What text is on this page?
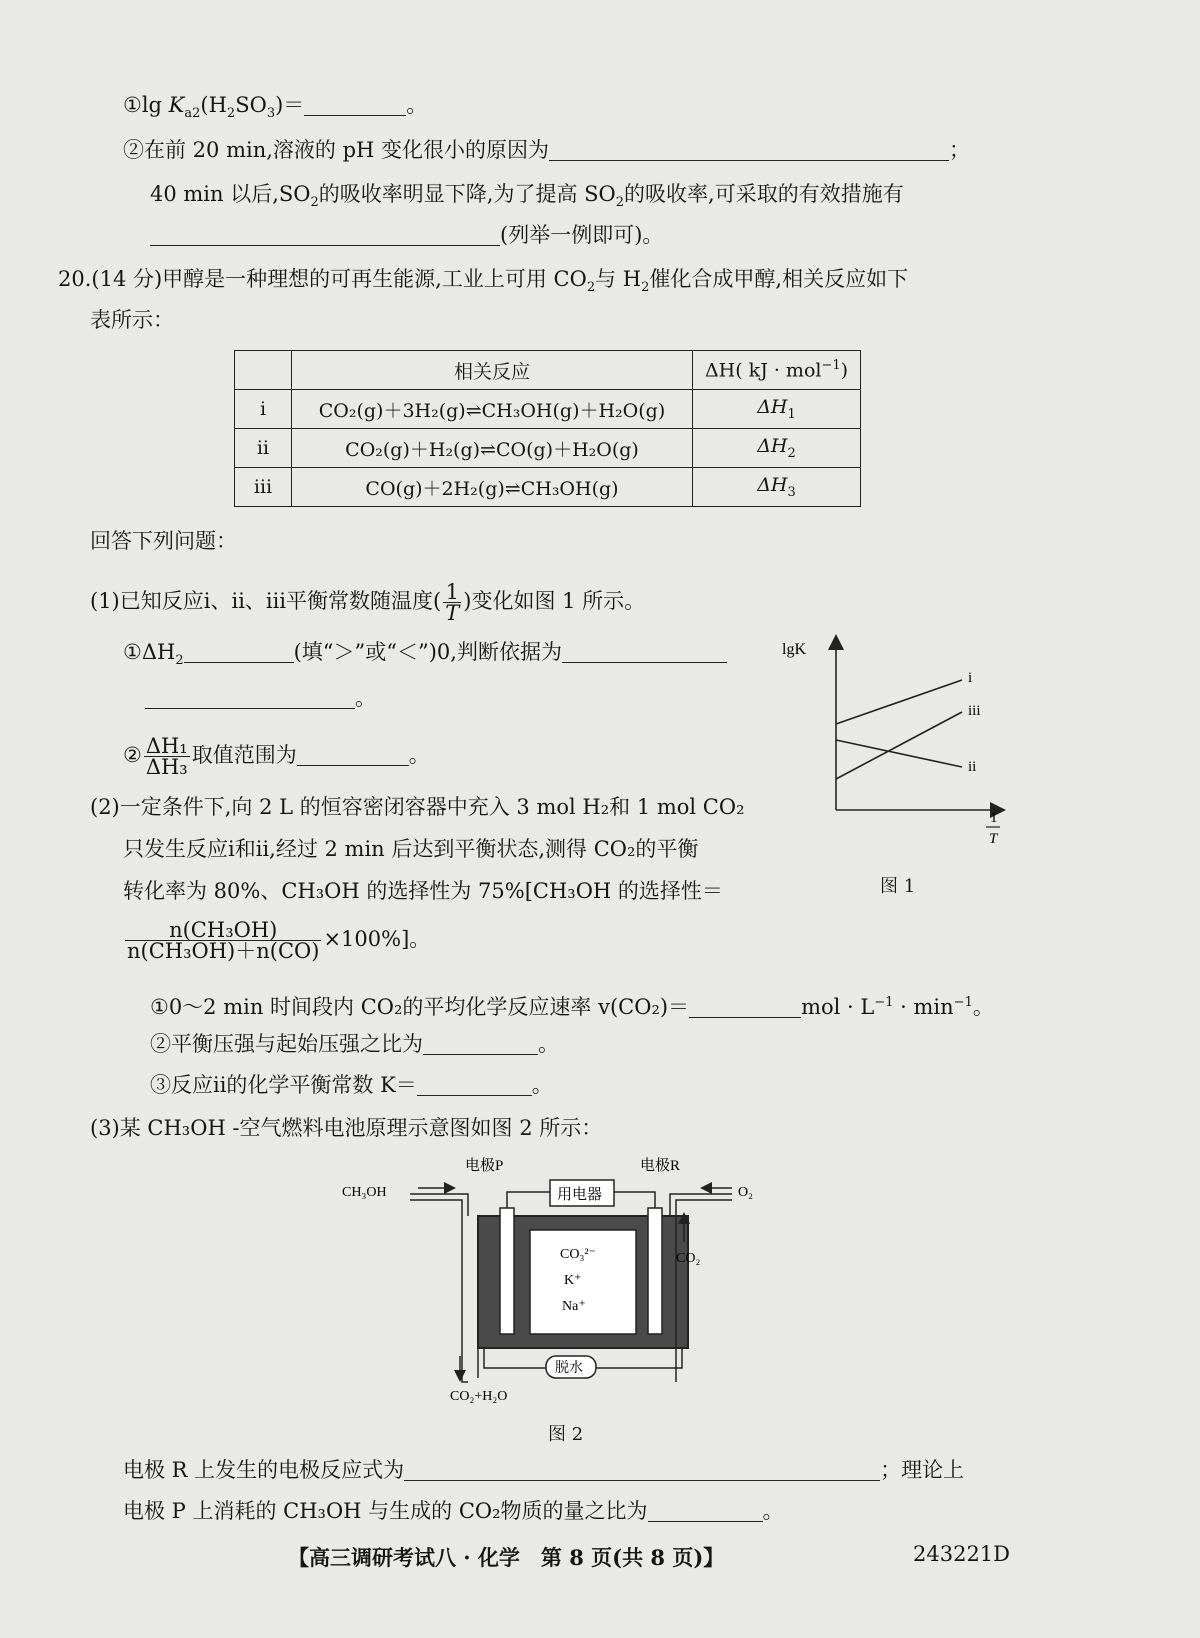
①lg $K_{a2}(H_2SO_3)=$	。
②在前 20 min,溶液的 pH 变化很小的原因为	；
40 min 以后$,SO_2$的吸收率明显下降,为了提高 $SO_2$的吸收率,可采取的有效措施有
(列举一例即可)。
20.(14 分)甲醇是一种理想的可再生能源,工业上可用 $CO_2$与 $H_2$催化合成甲醇,相关反应如下
表所示：
	相关反应	ΔH( kJ · mol$^{-1}$)
ⅰ	CO₂(g)＋3H₂(g)⇌CH₃OH(g)＋H₂O(g)	$\Delta H_1$
ⅱ	CO₂(g)＋H₂(g)⇌CO(g)＋H₂O(g)	$\Delta H_2$
ⅲ	CO(g)＋2H₂(g)⇌CH₃OH(g)	$\Delta H_3$
回答下列问题：
(1)已知反应ⅰ、ⅱ、ⅲ平衡常数随温度( $\frac{1}{T}$ )变化如图 1 所示。
$①\Delta H_2$	(填“＞”或“＜”)0,判断依据为
。
② $\frac{\text{ΔH₁}}{\text{ΔH₃}}$ 取值范围为	。
lgK
i
iii
ii
1
T
图 1
(2)一定条件下,向 2 L 的恒容密闭容器中充入 3 mol H₂和 1 mol CO₂
只发生反应ⅰ和ⅱ,经过 2 min 后达到平衡状态,测得 CO₂的平衡
转化率为 80%、CH₃OH 的选择性为 75%[CH₃OH 的选择性＝
$\frac{\text{n(CH₃OH)}}{\text{n(CH₃OH)＋n(CO)}} \times 100\%$]。
①0～2 min 时间段内 CO₂的平均化学反应速率 v(CO₂)＝	mol · $L^{-1} \cdot \min^{-1}$。
②平衡压强与起始压强之比为	。
③反应ⅱ的化学平衡常数 K＝	。
(3)某 CH₃OH -空气燃料电池原理示意图如图 2 所示：
电极P	电极R
用电器
CH₃OH	O₂
CO₂
CO₃²⁻
K⁺
Na⁺
脱水
CO₂+H₂O
图 2
电极 R 上发生的电极反应式为	；理论上
电极 P 上消耗的 CH₃OH 与生成的 CO₂物质的量之比为	。
【高三调研考试八 · 化学　第 8 页(共 8 页)】	243221D
